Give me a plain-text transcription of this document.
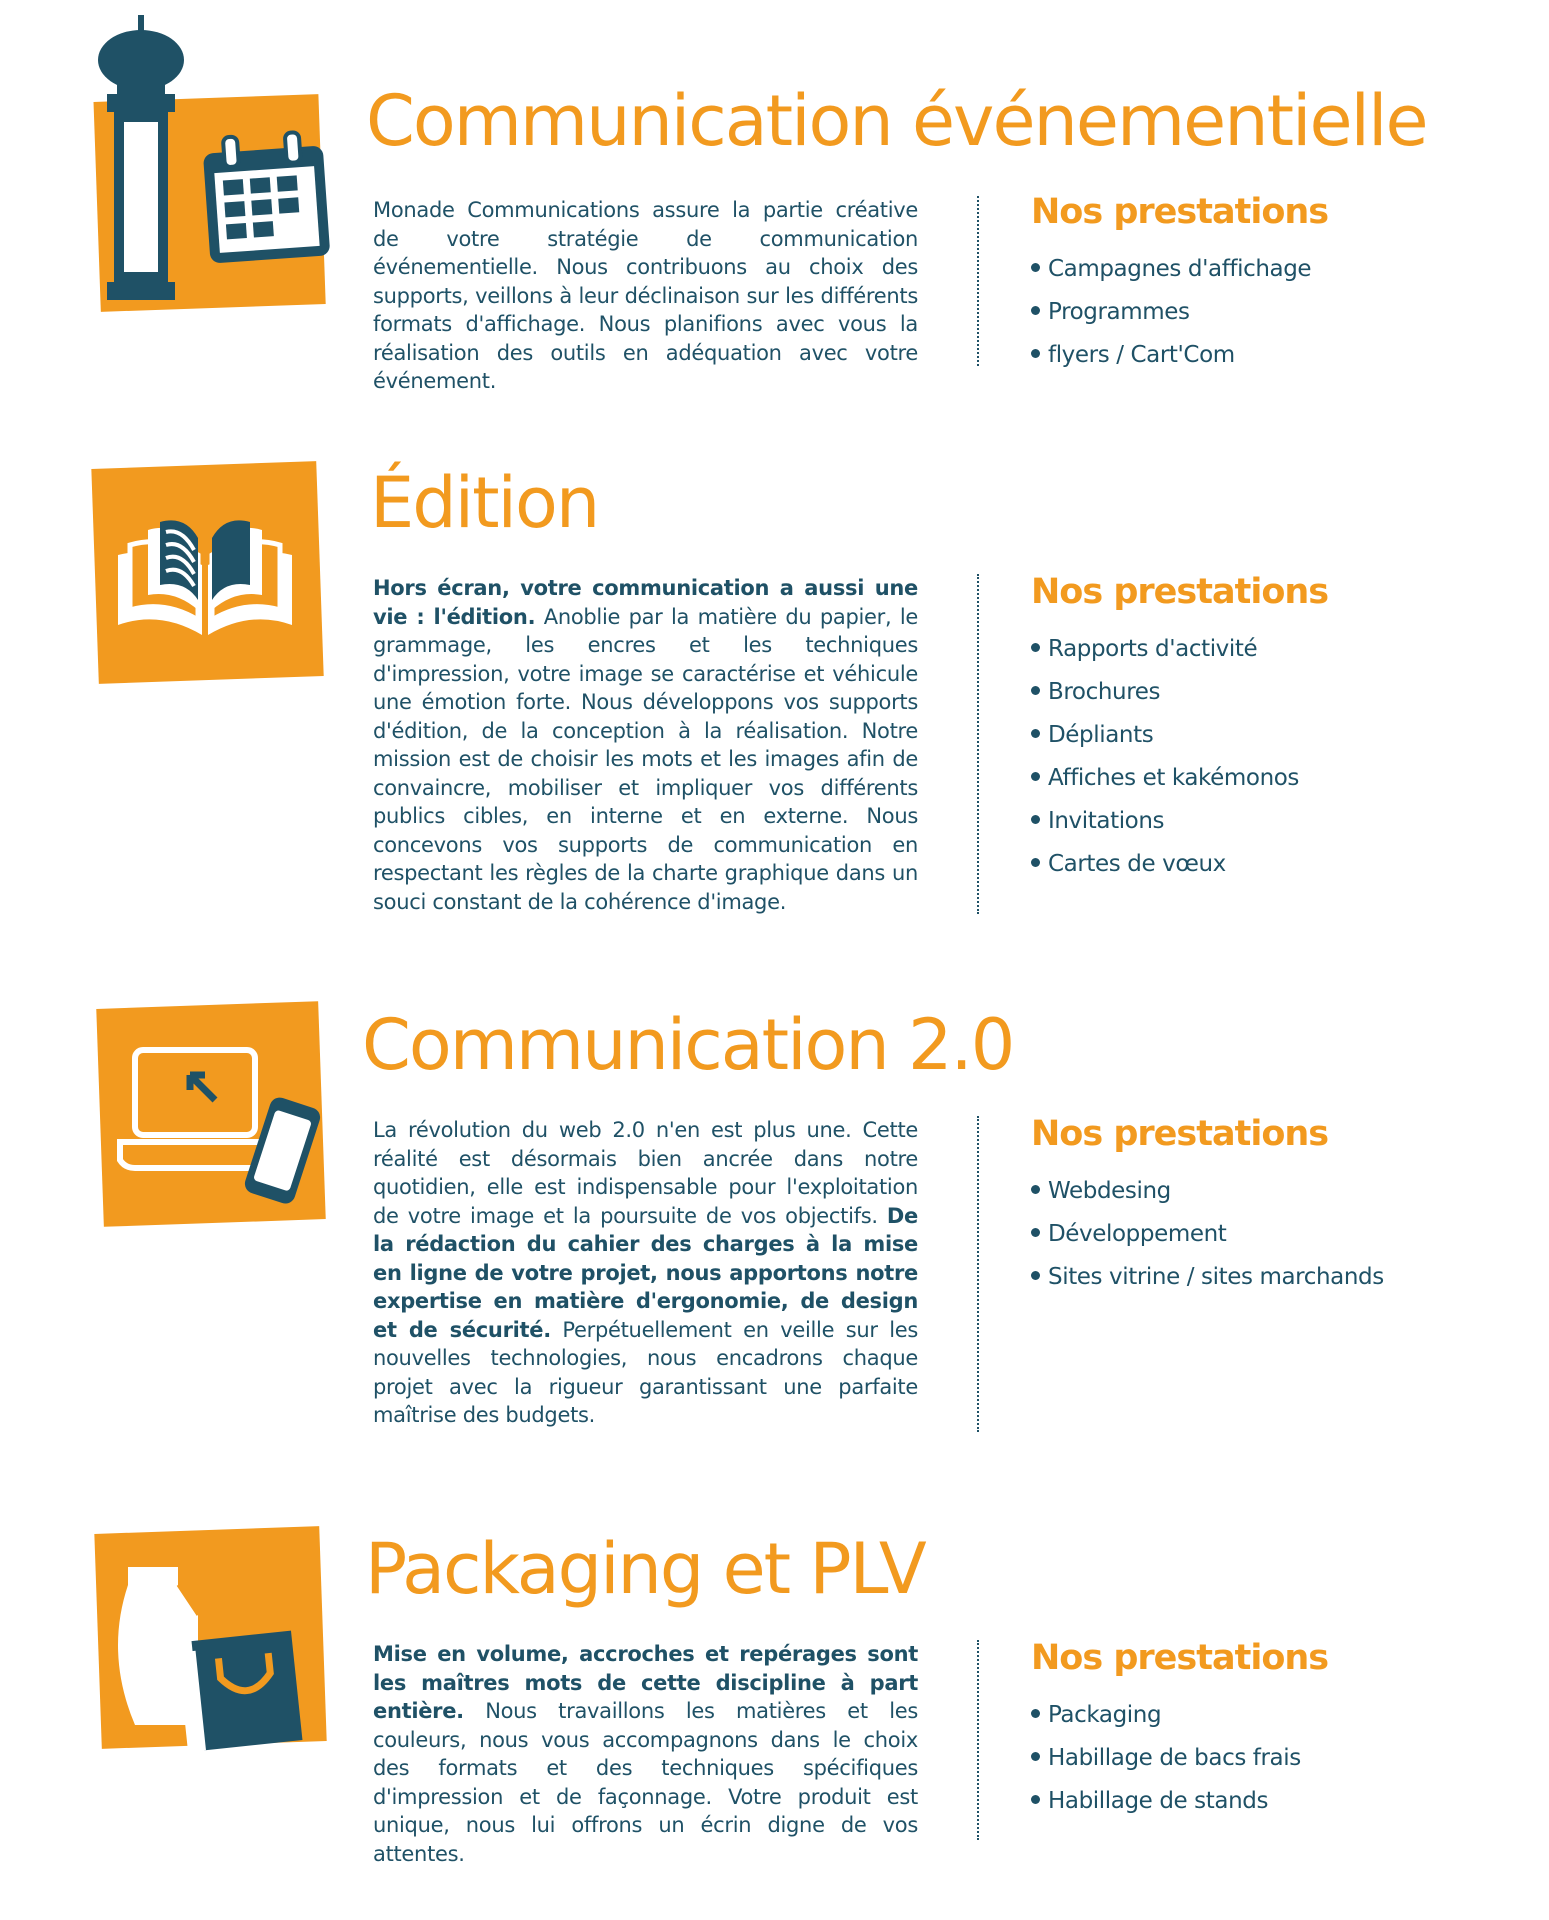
Communication événementielle

Monade Communications assure la partie créative de votre stratégie de communication événementielle. Nous contribuons au choix des supports, veillons à leur déclinaison sur les différents formats d'affichage. Nous planifions avec vous la réalisation des outils en adéquation avec votre événement.

Nos prestations
Campagnes d'affichage
Programmes
flyers / Cart'Com
Édition

Hors écran, votre communication a aussi une vie : l'édition. Anoblie par la matière du papier, le grammage, les encres et les techniques d'impression, votre image se caractérise et véhicule une émotion forte. Nous développons vos supports d'édition, de la conception à la réalisation. Notre mission est de choisir les mots et les images afin de convaincre, mobiliser et impliquer vos différents publics cibles, en interne et en externe. Nous concevons vos supports de communication en respectant les règles de la charte graphique dans un souci constant de la cohérence d'image.

Nos prestations
Rapports d'activité
Brochures
Dépliants
Affiches et kakémonos
Invitations
Cartes de vœux
Communication 2.0

La révolution du web 2.0 n'en est plus une. Cette réalité est désormais bien ancrée dans notre quotidien, elle est indispensable pour l'exploitation de votre image et la poursuite de vos objectifs. De la rédaction du cahier des charges à la mise en ligne de votre projet, nous apportons notre expertise en matière d'ergonomie, de design et de sécurité. Perpétuellement en veille sur les nouvelles technologies, nous encadrons chaque projet avec la rigueur garantissant une parfaite maîtrise des budgets.

Nos prestations
Webdesing
Développement
Sites vitrine / sites marchands
Packaging et PLV

Mise en volume, accroches et repérages sont les maîtres mots de cette discipline à part entière. Nous travaillons les matières et les couleurs, nous vous accompagnons dans le choix des formats et des techniques spécifiques d'impression et de façonnage. Votre produit est unique, nous lui offrons un écrin digne de vos attentes.

Nos prestations
Packaging
Habillage de bacs frais
Habillage de stands
